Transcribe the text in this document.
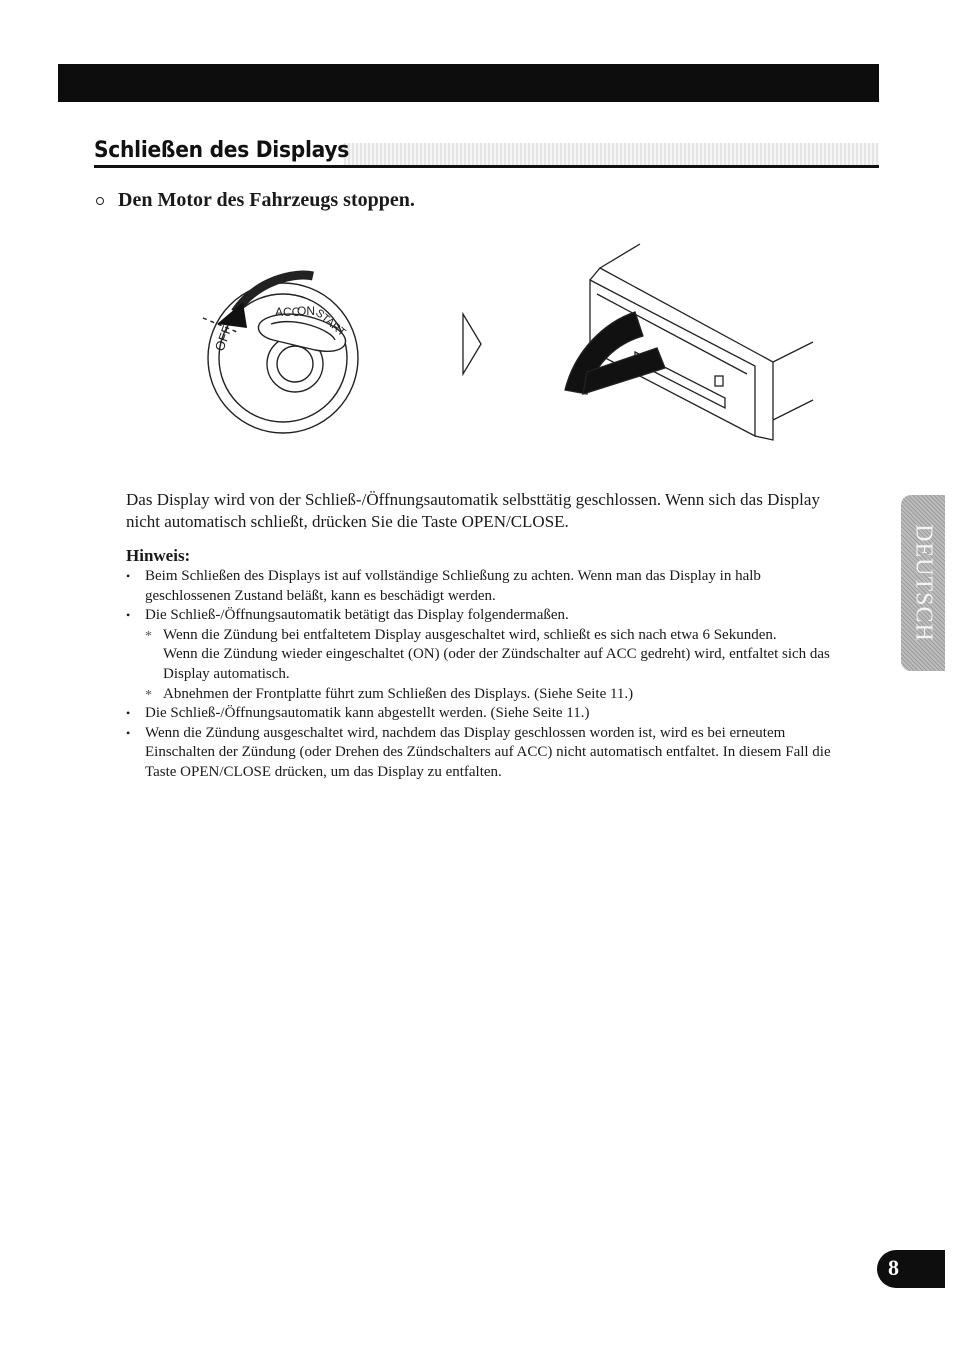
Schließen des Displays
Den Motor des Fahrzeugs stoppen.
OFF
ACC
ON
START

Das Display wird von der Schließ-/Öffnungsautomatik selbsttätig geschlossen. Wenn sich das Display nicht automatisch schließt, drücken Sie die Taste OPEN/CLOSE.

Hinweis:
• Beim Schließen des Displays ist auf vollständige Schließung zu achten. Wenn man das Display in halb geschlossenen Zustand beläßt, kann es beschädigt werden.
• Die Schließ-/Öffnungsautomatik betätigt das Display folgendermaßen.
* Wenn die Zündung bei entfaltetem Display ausgeschaltet wird, schließt es sich nach etwa 6 Sekunden.
Wenn die Zündung wieder eingeschaltet (ON) (oder der Zündschalter auf ACC gedreht) wird, entfaltet sich das Display automatisch.
* Abnehmen der Frontplatte führt zum Schließen des Displays. (Siehe Seite 11.)
• Die Schließ-/Öffnungsautomatik kann abgestellt werden. (Siehe Seite 11.)
• Wenn die Zündung ausgeschaltet wird, nachdem das Display geschlossen worden ist, wird es bei erneutem Einschalten der Zündung (oder Drehen des Zündschalters auf ACC) nicht automatisch entfaltet. In diesem Fall die Taste OPEN/CLOSE drücken, um das Display zu entfalten.
DEUTSCH
8
